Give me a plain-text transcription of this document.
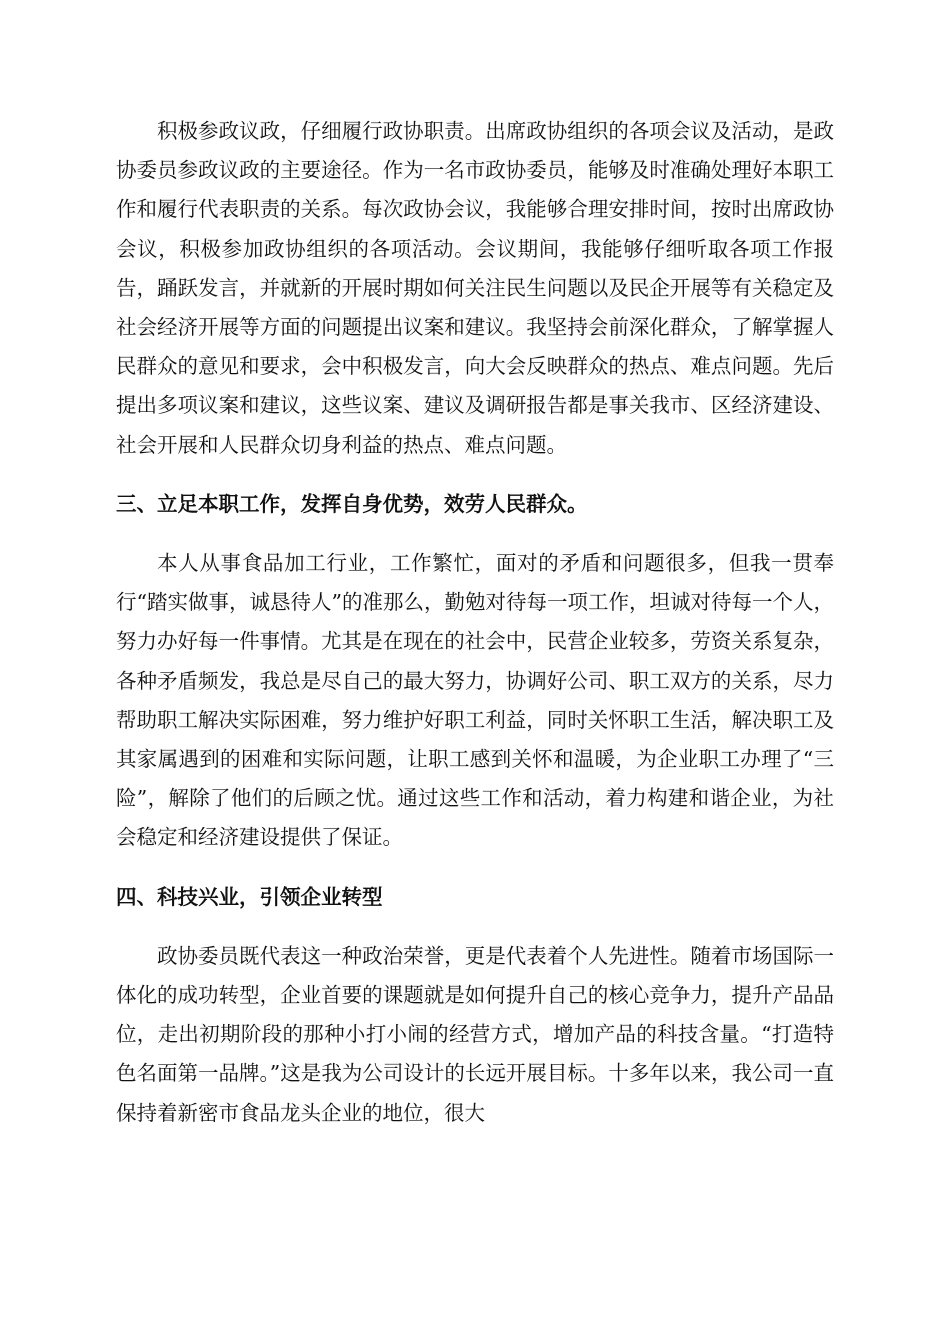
积极参政议政，仔细履行政协职责。出席政协组织的各项会议及活动，是政协委员参政议政的主要途径。作为一名市政协委员，能够及时准确处理好本职工作和履行代表职责的关系。每次政协会议，我能够合理安排时间，按时出席政协会议，积极参加政协组织的各项活动。会议期间，我能够仔细听取各项工作报告，踊跃发言，并就新的开展时期如何关注民生问题以及民企开展等有关稳定及社会经济开展等方面的问题提出议案和建议。我坚持会前深化群众，了解掌握人民群众的意见和要求，会中积极发言，向大会反映群众的热点、难点问题。先后提出多项议案和建议，这些议案、建议及调研报告都是事关我市、区经济建设、社会开展和人民群众切身利益的热点、难点问题。

三、立足本职工作，发挥自身优势，效劳人民群众。

本人从事食品加工行业，工作繁忙，面对的矛盾和问题很多，但我一贯奉行“踏实做事，诚恳待人”的准那么，勤勉对待每一项工作，坦诚对待每一个人，努力办好每一件事情。尤其是在现在的社会中，民营企业较多，劳资关系复杂，各种矛盾频发，我总是尽自己的最大努力，协调好公司、职工双方的关系，尽力帮助职工解决实际困难，努力维护好职工利益，同时关怀职工生活，解决职工及其家属遇到的困难和实际问题，让职工感到关怀和温暖，为企业职工办理了“三险”，解除了他们的后顾之忧。通过这些工作和活动，着力构建和谐企业，为社会稳定和经济建设提供了保证。

四、科技兴业，引领企业转型

政协委员既代表这一种政治荣誉，更是代表着个人先进性。随着市场国际一体化的成功转型，企业首要的课题就是如何提升自己的核心竞争力，提升产品品位，走出初期阶段的那种小打小闹的经营方式，增加产品的科技含量。“打造特色名面第一品牌。”这是我为公司设计的长远开展目标。十多年以来，我公司一直保持着新密市食品龙头企业的地位，很大
